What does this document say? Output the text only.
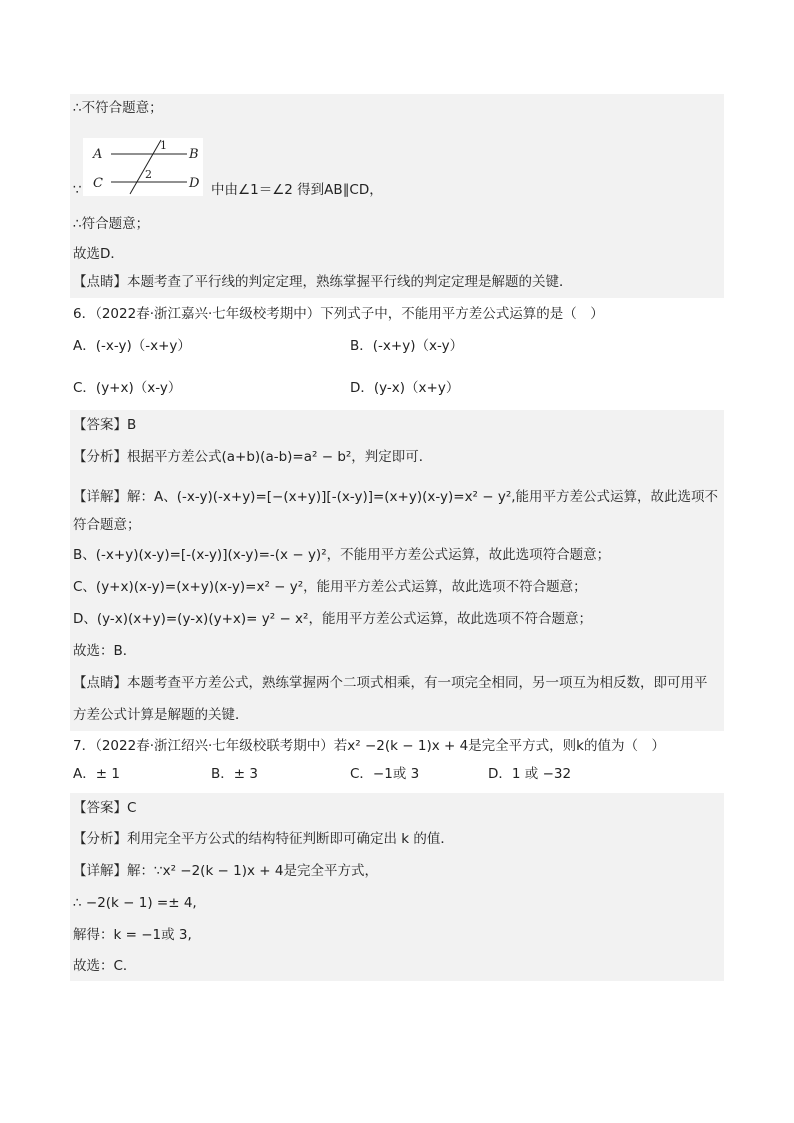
∴不符合题意；
∵
A	B
C	D
1
2
中由∠1＝∠2 得到AB∥CD，
∴符合题意；
故选D．
【点睛】本题考查了平行线的判定定理，熟练掌握平行线的判定定理是解题的关键．
6．（2022春·浙江嘉兴·七年级校考期中）下列式子中，不能用平方差公式运算的是（　）
A．(-x-y)（-x+y）	B．(-x+y)（x-y）
C．(y+x)（x-y）	D．(y-x)（x+y）
【答案】B
【分析】根据平方差公式(a+b)(a-b)=a² − b²，判定即可．
【详解】解：A、(-x-y)(-x+y)=[−(x+y)][-(x-y)]=(x+y)(x-y)=x² − y²,能用平方差公式运算，故此选项不符合题意；
B、(-x+y)(x-y)=[-(x-y)](x-y)=-(x − y)²，不能用平方差公式运算，故此选项符合题意；
C、(y+x)(x-y)=(x+y)(x-y)=x² − y²，能用平方差公式运算，故此选项不符合题意；
D、(y-x)(x+y)=(y-x)(y+x)= y² − x²，能用平方差公式运算，故此选项不符合题意；
故选：B．
【点睛】本题考查平方差公式，熟练掌握两个二项式相乘，有一项完全相同，另一项互为相反数，即可用平方差公式计算是解题的关键．
7．（2022春·浙江绍兴·七年级校联考期中）若x² −2(k − 1)x + 4是完全平方式，则k的值为（　）
A．± 1	B．± 3	C．−1或 3	D．1 或 −32
【答案】C
【分析】利用完全平方公式的结构特征判断即可确定出 k 的值．
【详解】解：∵x² −2(k − 1)x + 4是完全平方式，
∴ −2(k − 1) =± 4,
解得：k = −1或 3,
故选：C．
